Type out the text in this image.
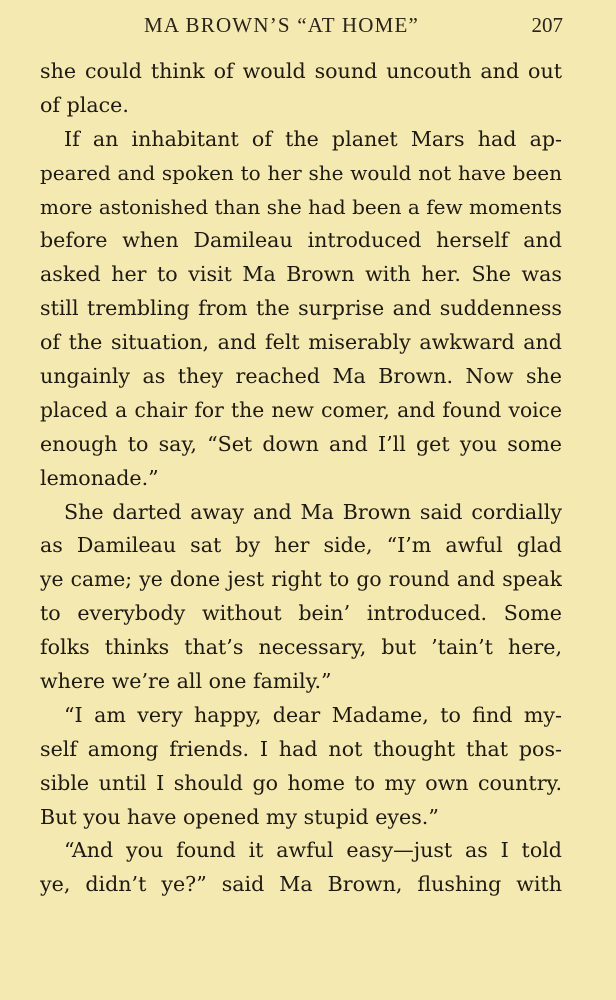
MA BROWN’S “AT HOME”	207
she could think of would sound uncouth and out
of place.
If an inhabitant of the planet Mars had ap-
peared and spoken to her she would not have been
more astonished than she had been a few moments
before when Damileau introduced herself and
asked her to visit Ma Brown with her. She was
still trembling from the surprise and suddenness
of the situation, and felt miserably awkward and
ungainly as they reached Ma Brown. Now she
placed a chair for the new comer, and found voice
enough to say, “Set down and I’ll get you some
lemonade.”
She darted away and Ma Brown said cordially
as Damileau sat by her side, “I’m awful glad
ye came; ye done jest right to go round and speak
to everybody without bein’ introduced. Some
folks thinks that’s necessary, but ’tain’t here,
where we’re all one family.”
“I am very happy, dear Madame, to find my-
self among friends. I had not thought that pos-
sible until I should go home to my own country.
But you have opened my stupid eyes.”
“And you found it awful easy—just as I told
ye, didn’t ye?” said Ma Brown, flushing with
